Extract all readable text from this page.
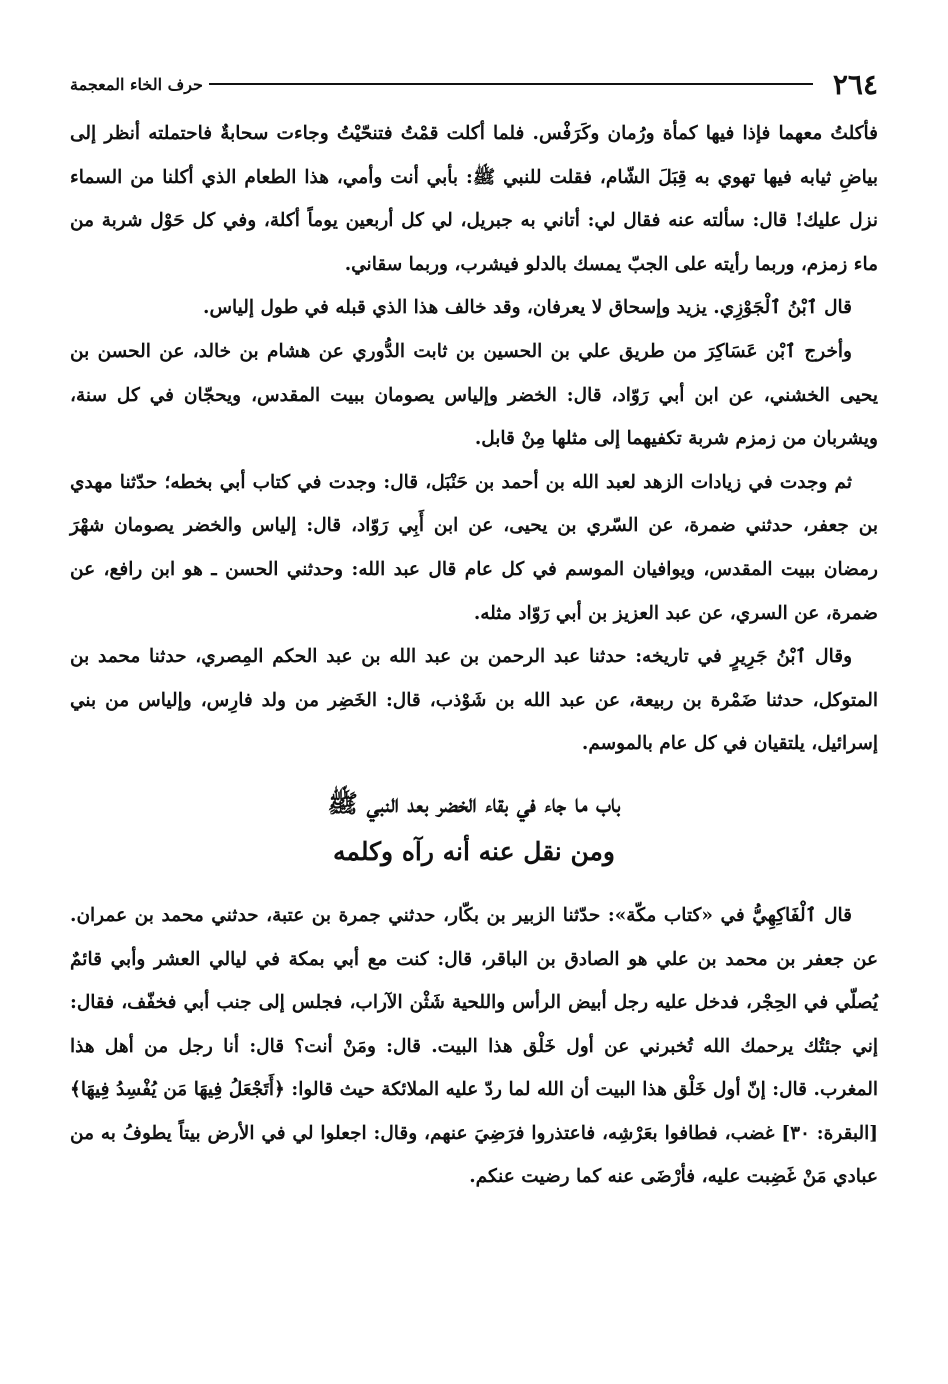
٢٦٤
حرف الخاء المعجمة

فأكلتُ معهما فإذا فيها كمأة ورُمان وكَرَفْس. فلما أكلت قمْتُ فتنحّيْتُ وجاءت سحابةٌ فاحتملته أنظر إلى بياضِ ثيابه فيها تهوي به قِبَلَ الشّام، فقلت للنبي ﷺ: بأبي أنت وأمي، هذا الطعام الذي أكلنا من السماء نزل عليك! قال: سألته عنه فقال لي: أتاني به جبريل، لي كل أربعين يوماً أكلة، وفي كل حَوْل شربة من ماء زمزم، وربما رأيته على الجبّ يمسك بالدلو فيشرب، وربما سقاني.

قال ٱبْنُ ٱلْجَوْزِي. يزيد وإسحاق لا يعرفان، وقد خالف هذا الذي قبله في طول إلياس.

وأخرج ٱبْن عَسَاكِرَ من طريق علي بن الحسين بن ثابت الدُّوري عن هشام بن خالد، عن الحسن بن يحيى الخشني، عن ابن أبي رَوّاد، قال: الخضر وإلياس يصومان ببيت المقدس، ويحجّان في كل سنة، ويشربان من زمزم شربة تكفيهما إلى مثلها مِنْ قابل.

ثم وجدت في زيادات الزهد لعبد الله بن أحمد بن حَنْبَل، قال: وجدت في كتاب أبي بخطه؛ حدّثنا مهدي بن جعفر، حدثني ضمرة، عن السّري بن يحيى، عن ابن أَبِي رَوّاد، قال: إلياس والخضر يصومان شهْرَ رمضان ببيت المقدس، ويوافيان الموسم في كل عام قال عبد الله: وحدثني الحسن ـ هو ابن رافع، عن ضمرة، عن السري، عن عبد العزيز بن أبي رَوّاد مثله.

وقال ٱبْنُ جَرِيرٍ في تاريخه: حدثنا عبد الرحمن بن عبد الله بن عبد الحكم المِصري، حدثنا محمد بن المتوكل، حدثنا ضَمْرة بن ربيعة، عن عبد الله بن شَوْذب، قال: الخَضِر من ولد فارِس، وإلياس من بني إسرائيل، يلتقيان في كل عام بالموسم.

باب ما جاء في بقاء الخضر بعد النبي ﷺ
ومن نقل عنه أنه رآه وكلمه

قال ٱلْفَاكِهِيُّ في «كتاب مكّة»: حدّثنا الزبير بن بكّار، حدثني جمرة بن عتبة، حدثني محمد بن عمران. عن جعفر بن محمد بن علي هو الصادق بن الباقر، قال: كنت مع أبي بمكة في ليالي العشر وأبي قائمٌ يُصلّي في الحِجْر، فدخل عليه رجل أبيض الرأس واللحية شَثْن الآراب، فجلس إلى جنب أبي فخفّف، فقال: إني جئتُك يرحمك الله تُخبرني عن أول خَلْق هذا البيت. قال: ومَنْ أنت؟ قال: أنا رجل من أهل هذا المغرب. قال: إنّ أول خَلْق هذا البيت أن الله لما ردّ عليه الملائكة حيث قالوا: ﴿أَتَجْعَلُ فِيهَا مَن يُفْسِدُ فِيهَا﴾ [البقرة: ٣٠] غضب، فطافوا بعَرْشِه، فاعتذروا فرَضِيَ عنهم، وقال: اجعلوا لي في الأرض بيتاً يطوفُ به من عبادي مَنْ غَضِبت عليه، فأرْضَى عنه كما رضيت عنكم.
